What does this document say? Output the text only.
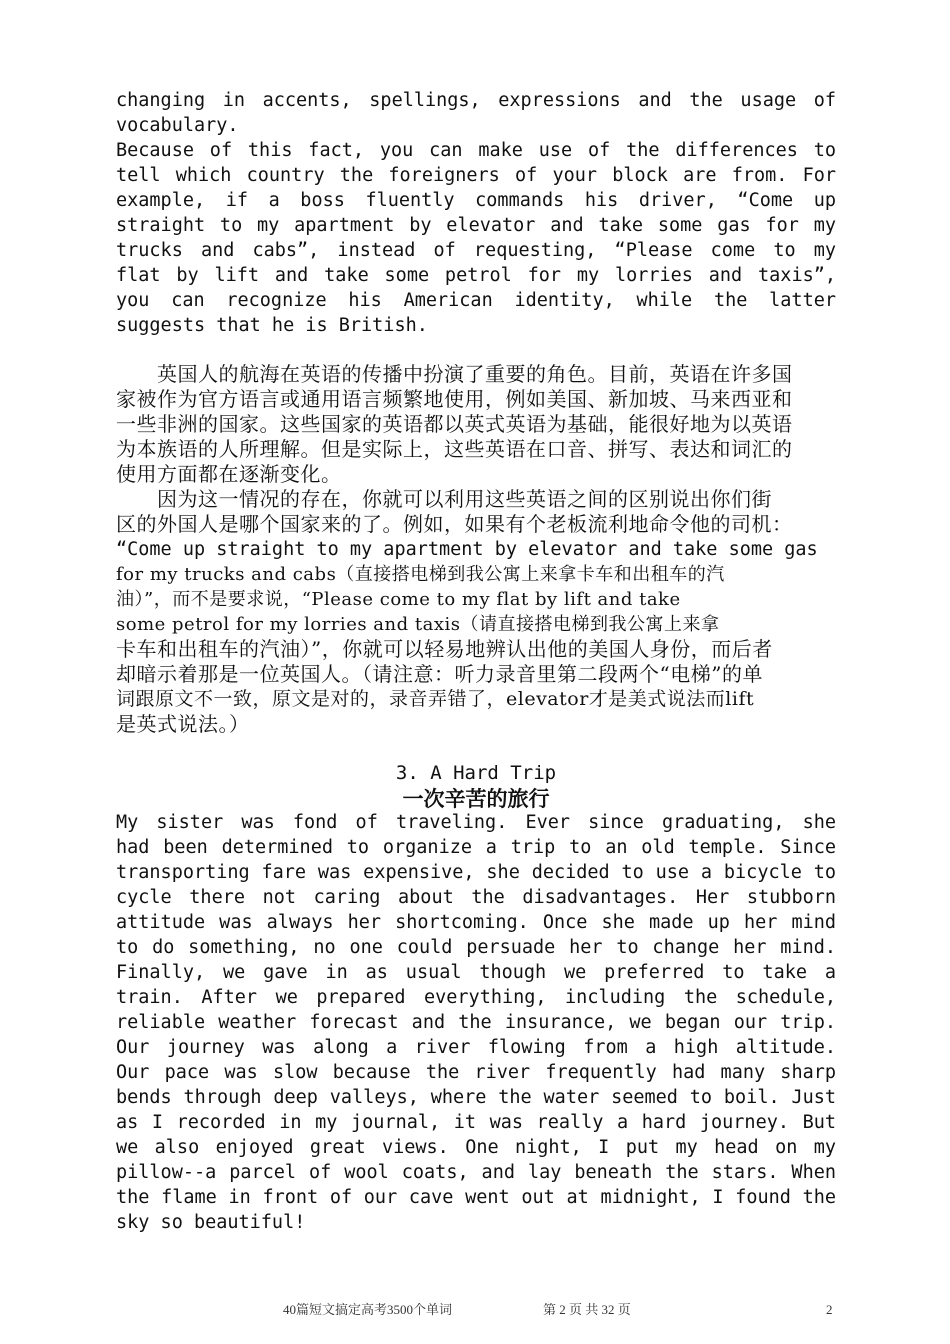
changing in accents, spellings, expressions and the usage of
vocabulary.
Because of this fact, you can make use of the differences to
tell which country the foreigners of your block are from. For
example, if a boss fluently commands his driver, “Come up
straight to my apartment by elevator and take some gas for my
trucks and cabs”, instead of requesting, “Please come to my
flat by lift and take some petrol for my lorries and taxis”,
you can recognize his American identity, while the latter
suggests that he is British.
　　英国人的航海在英语的传播中扮演了重要的角色。目前，英语在许多国
家被作为官方语言或通用语言频繁地使用，例如美国、新加坡、马来西亚和
一些非洲的国家。这些国家的英语都以英式英语为基础，能很好地为以英语
为本族语的人所理解。但是实际上，这些英语在口音、拼写、表达和词汇的
使用方面都在逐渐变化。
　　因为这一情况的存在，你就可以利用这些英语之间的区别说出你们街
区的外国人是哪个国家来的了。例如，如果有个老板流利地命令他的司机：
“Come up straight to my apartment by elevator and take some gas
for my trucks and cabs（直接搭电梯到我公寓上来拿卡车和出租车的汽
油）”，而不是要求说，“Please come to my flat by lift and take
some petrol for my lorries and taxis（请直接搭电梯到我公寓上来拿
卡车和出租车的汽油）”，你就可以轻易地辨认出他的美国人身份，而后者
却暗示着那是一位英国人。（请注意：听力录音里第二段两个“电梯”的单
词跟原文不一致，原文是对的，录音弄错了，elevator才是美式说法而lift
是英式说法。）
3. A Hard Trip
一次辛苦的旅行
My sister was fond of traveling. Ever since graduating, she
had been determined to organize a trip to an old temple. Since
transporting fare was expensive, she decided to use a bicycle to
cycle there not caring about the disadvantages. Her stubborn
attitude was always her shortcoming. Once she made up her mind
to do something, no one could persuade her to change her mind.
Finally, we gave in as usual though we preferred to take a
train. After we prepared everything, including the schedule,
reliable weather forecast and the insurance, we began our trip.
Our journey was along a river flowing from a high altitude.
Our pace was slow because the river frequently had many sharp
bends through deep valleys, where the water seemed to boil. Just
as I recorded in my journal, it was really a hard journey. But
we also enjoyed great views. One night, I put my head on my
pillow--a parcel of wool coats, and lay beneath the stars. When
the flame in front of our cave went out at midnight, I found the
sky so beautiful!
40篇短文搞定高考3500个单词	第 2 页 共 32 页	2
